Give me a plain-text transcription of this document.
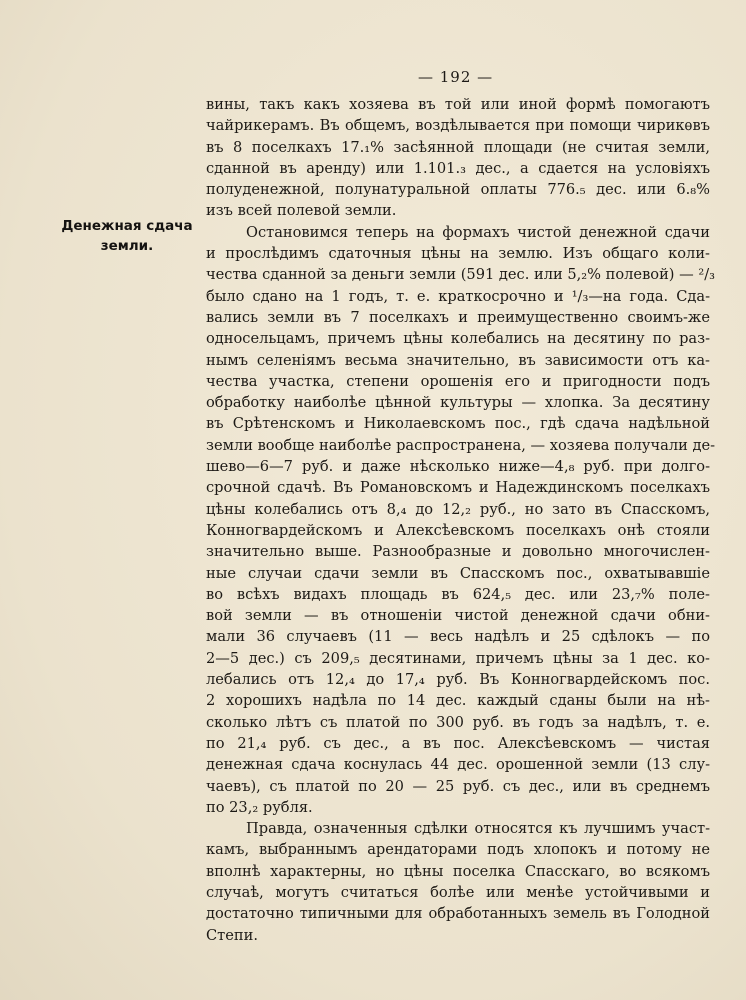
— 192 —
Денежная сдача
земли.
вины, такъ какъ хозяева въ той или иной формѣ помогаютъ
чайрикерамъ. Въ общемъ, воздѣлывается при помощи чирикѳвъ
въ 8 поселкахъ 17.₁% засѣянной площади (не считая земли,
сданной въ аренду) или 1.101.₃ дес., а сдается на условіяхъ
полуденежной, полунатуральной оплаты 776.₅ дес. или 6.₈%
изъ всей полевой земли.
Остановимся теперь на формахъ чистой денежной сдачи
и прослѣдимъ сдаточныя цѣны на землю. Изъ общаго коли-
чества сданной за деньги земли (591 дес. или 5,₂% полевой) — ²/₃
было сдано на 1 годъ, т. е. краткосрочно и ¹/₃—на года. Сда-
вались земли въ 7 поселкахъ и преимущественно своимъ-же
односельцамъ, причемъ цѣны колебались на десятину по раз-
нымъ селеніямъ весьма значительно, въ зависимости отъ ка-
чества участка, степени орошенія его и пригодности подъ
обработку наиболѣе цѣнной культуры — хлопка. За десятину
въ Срѣтенскомъ и Николаевскомъ пос., гдѣ сдача надѣльной
земли вообще наиболѣе распространена, — хозяева получали де-
шево—6—7 руб. и даже нѣсколько ниже—4,₈ руб. при долго-
срочной сдачѣ. Въ Романовскомъ и Надеждинскомъ поселкахъ
цѣны колебались отъ 8,₄ до 12,₂ руб., но зато въ Спасскомъ,
Конногвардейскомъ и Алексѣевскомъ поселкахъ онѣ стояли
значительно выше. Разнообразные и довольно многочислен-
ные случаи сдачи земли въ Спасскомъ пос., охватывавшіе
во всѣхъ видахъ площадь въ 624,₅ дес. или 23,₇% поле-
вой земли — въ отношеніи чистой денежной сдачи обни-
мали 36 случаевъ (11 — весь надѣлъ и 25 сдѣлокъ — по
2—5 дес.) съ 209,₅ десятинами, причемъ цѣны за 1 дес. ко-
лебались отъ 12,₄ до 17,₄ руб. Въ Конногвардейскомъ пос.
2 хорошихъ надѣла по 14 дес. каждый сданы были на нѣ-
сколько лѣтъ съ платой по 300 руб. въ годъ за надѣлъ, т. е.
по 21,₄ руб. съ дес., а въ пос. Алексѣевскомъ — чистая
денежная сдача коснулась 44 дес. орошенной земли (13 слу-
чаевъ), съ платой по 20 — 25 руб. съ дес., или въ среднемъ
по 23,₂ рубля.
Правда, означенныя сдѣлки относятся къ лучшимъ участ-
камъ, выбраннымъ арендаторами подъ хлопокъ и потому не
вполнѣ характерны, но цѣны поселка Спасскаго, во всякомъ
случаѣ, могутъ считаться болѣе или менѣе устойчивыми и
достаточно типичными для обработанныхъ земель въ Голодной
Степи.
